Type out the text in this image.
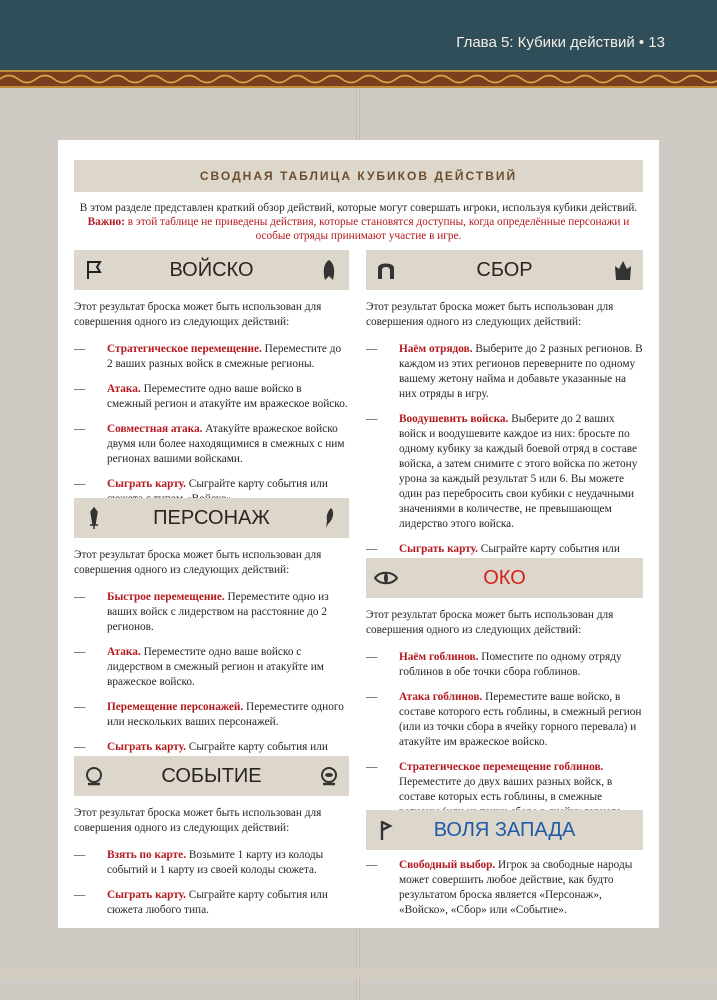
Глава 5: Кубики действий • 13
СВОДНАЯ ТАБЛИЦА КУБИКОВ ДЕЙСТВИЙ
В этом разделе представлен краткий обзор действий, которые могут совершать игроки, используя кубики действий.
Важно: в этой таблице не приведены действия, которые становятся доступны, когда определённые персонажи и особые отряды принимают участие в игре.
ВОЙСКО
Этот результат броска может быть использован для совершения одного из следующих действий:
— Стратегическое перемещение. Переместите до 2 ваших разных войск в смежные регионы.
— Атака. Переместите одно ваше войско в смежный регион и атакуйте им вражеское войско.
— Совместная атака. Атакуйте вражеское войско двумя или более находящимися в смежных с ним регионах вашими войсками.
— Сыграть карту. Сыграйте карту события или
ПЕРСОНАЖ
Этот результат броска может быть использован для совершения одного из следующих действий:
— Быстрое перемещение. Переместите одно из ваших войск с лидерством на расстояние до 2 регионов.
— Атака. Переместите одно ваше войско с лидерством в смежный регион и атакуйте им вражеское войско.
— Перемещение персонажей. Переместите одного или нескольких ваших персонажей.
— Сыграть карту. Сыграйте карту события или
СОБЫТИЕ
Этот результат броска может быть использован для совершения одного из следующих действий:
— Взять по карте. Возьмите 1 карту из колоды событий и 1 карту из своей колоды сюжета.
— Сыграть карту. Сыграйте карту события или сюжета любого типа.
СБОР
Этот результат броска может быть использован для совершения одного из следующих действий:
— Наём отрядов. Выберите до 2 разных регионов. В каждом из этих регионов переверните по одному вашему жетону найма и добавьте указанные на них отряды в игру.
— Воодушевить войска. Выберите до 2 ваших войск и воодушевите каждое из них: бросьте по одному кубику за каждый боевой отряд в составе войска, а затем снимите с этого войска по жетону урона за каждый результат 5 или 6. Вы можете один раз перебросить свои кубики с неудачными значениями в количестве, не превышающем лидерство этого войска.
— Сыграть карту. Сыграйте карту события или
ОКО
Этот результат броска может быть использован для совершения одного из следующих действий:
— Наём гоблинов. Поместите по одному отряду гоблинов в обе точки сбора гоблинов.
— Атака гоблинов. Переместите ваше войско, в составе которого есть гоблины, в смежный регион (или из точки сбора в ячейку горного перевала) и атакуйте им вражеское войско.
— Стратегическое перемещение гоблинов. Переместите до двух ваших разных войск, в составе которых есть гоблины, в смежные
ВОЛЯ ЗАПАДА
— Свободный выбор. Игрок за свободные народы может совершить любое действие, как будто результатом броска является «Персонаж», «Войско», «Сбор» или «Событие».
